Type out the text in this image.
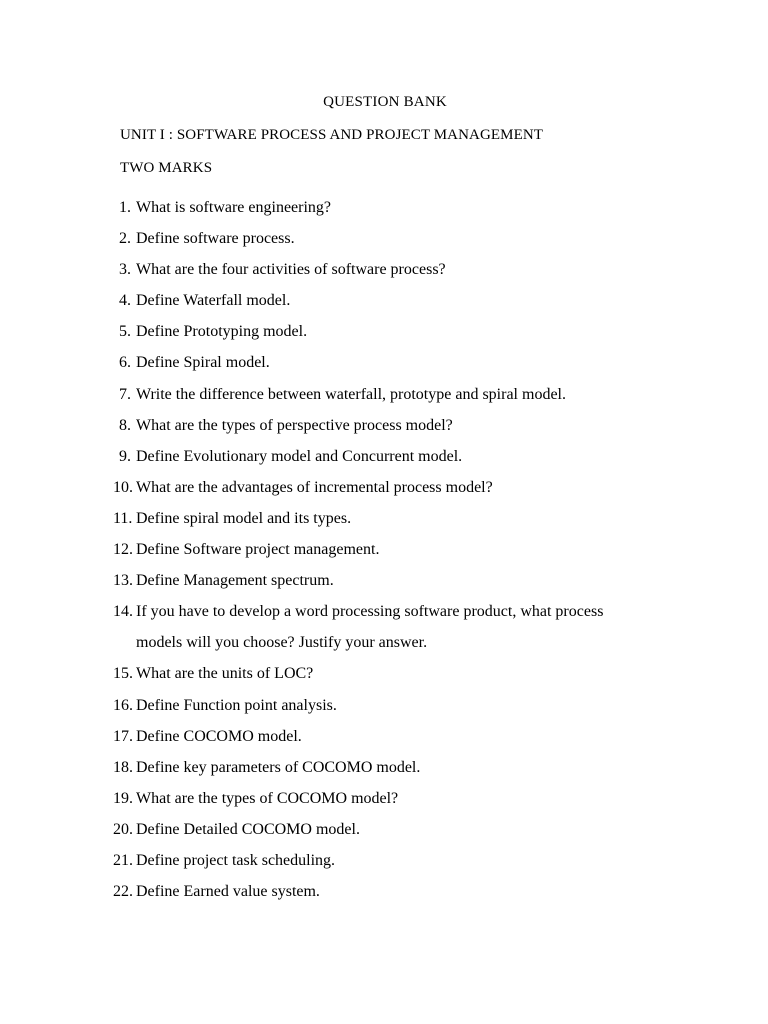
QUESTION BANK
UNIT I : SOFTWARE PROCESS AND PROJECT MANAGEMENT
TWO MARKS
1. What is software engineering?
2. Define software process.
3. What are the four activities of software process?
4. Define Waterfall model.
5. Define Prototyping model.
6. Define Spiral model.
7. Write the difference between waterfall, prototype and spiral model.
8. What are the types of perspective process model?
9. Define Evolutionary model and Concurrent model.
10. What are the advantages of incremental process model?
11. Define spiral model and its types.
12. Define Software project management.
13. Define Management spectrum.
14. If you have to develop a word processing software product, what process
models will you choose? Justify your answer.
15. What are the units of LOC?
16. Define Function point analysis.
17. Define COCOMO model.
18. Define key parameters of COCOMO model.
19. What are the types of COCOMO model?
20. Define Detailed COCOMO model.
21. Define project task scheduling.
22. Define Earned value system.
